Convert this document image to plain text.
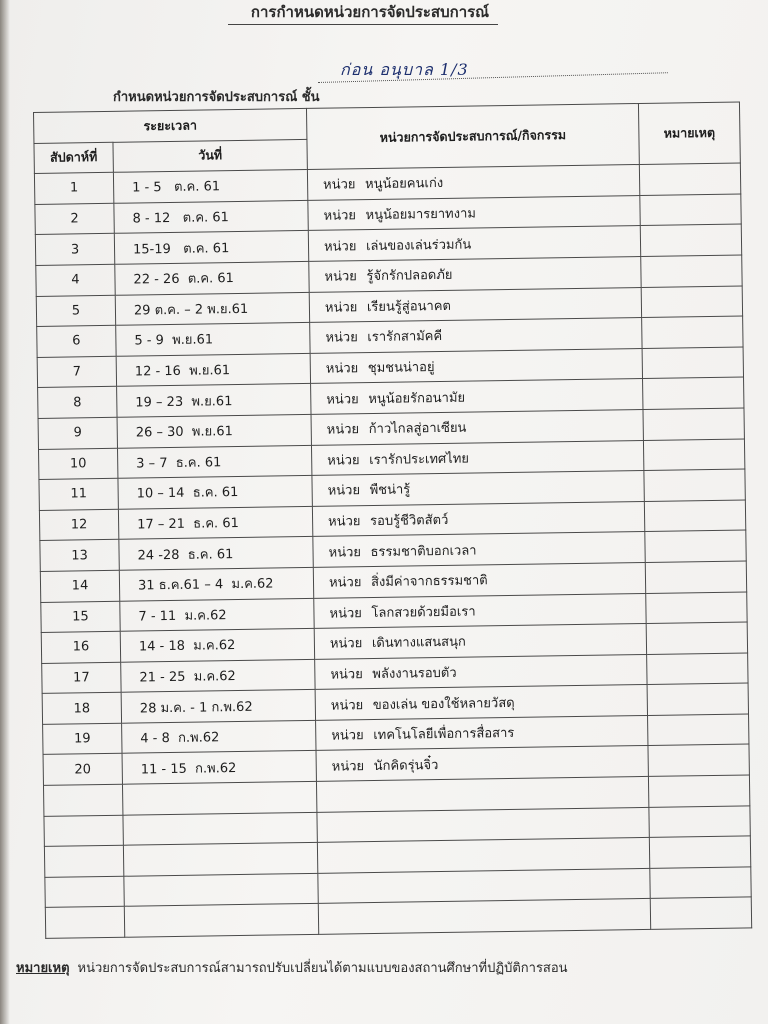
การกำหนดหน่วยการจัดประสบการณ์
กำหนดหน่วยการจัดประสบการณ์ ชั้น
ก่อน อนุบาล 1/3
ระยะเวลา		หน่วยการจัดประสบการณ์/กิจกรรม	หมายเหตุ
สัปดาห์ที่	วันที่		
1	1 - 5   ต.ค. 61	หน่วย หนูน้อยคนเก่ง	
2	8 - 12   ต.ค. 61	หน่วย หนูน้อยมารยาทงาม	
3	15-19   ต.ค. 61	หน่วย เล่นของเล่นร่วมกัน	
4	22 - 26  ต.ค. 61	หน่วย รู้จักรักปลอดภัย	
5	29 ต.ค. – 2 พ.ย.61	หน่วย เรียนรู้สู่อนาคต	
6	5 - 9  พ.ย.61	หน่วย เรารักสามัคคี	
7	12 - 16  พ.ย.61	หน่วย ชุมชนน่าอยู่	
8	19 – 23  พ.ย.61	หน่วย หนูน้อยรักอนามัย	
9	26 – 30  พ.ย.61	หน่วย ก้าวไกลสู่อาเซียน	
10	3 – 7  ธ.ค. 61	หน่วย เรารักประเทศไทย	
11	10 – 14  ธ.ค. 61	หน่วย พืชน่ารู้	
12	17 – 21  ธ.ค. 61	หน่วย รอบรู้ชีวิตสัตว์	
13	24 -28  ธ.ค. 61	หน่วย ธรรมชาติบอกเวลา	
14	31 ธ.ค.61 – 4  ม.ค.62	หน่วย สิ่งมีค่าจากธรรมชาติ	
15	7 - 11  ม.ค.62	หน่วย โลกสวยด้วยมือเรา	
16	14 - 18  ม.ค.62	หน่วย เดินทางแสนสนุก	
17	21 - 25  ม.ค.62	หน่วย พลังงานรอบตัว	
18	28 ม.ค. - 1 ก.พ.62	หน่วย ของเล่น ของใช้หลายวัสดุ	
19	4 - 8  ก.พ.62	หน่วย เทคโนโลยีเพื่อการสื่อสาร	
20	11 - 15  ก.พ.62	หน่วย นักคิดรุ่นจิ๋ว	

หมายเหตุ หน่วยการจัดประสบการณ์สามารถปรับเปลี่ยนได้ตามแบบของสถานศึกษาที่ปฏิบัติการสอน
